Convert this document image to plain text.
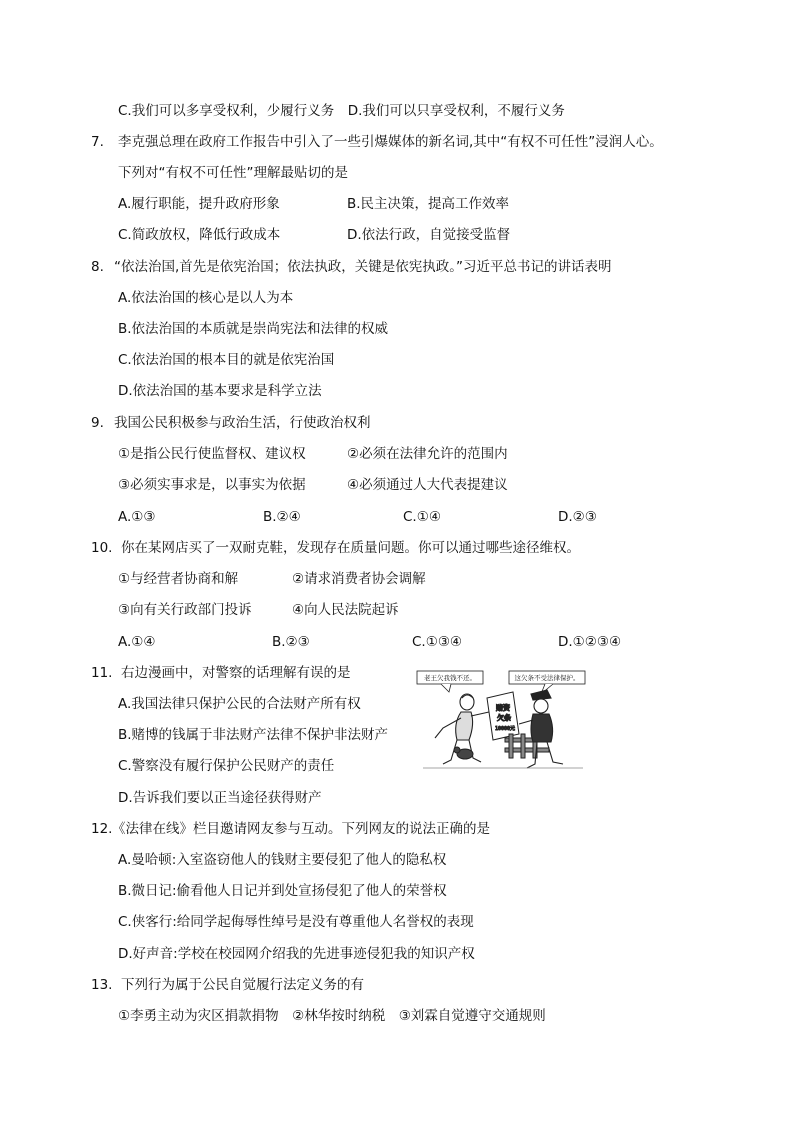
C.我们可以多享受权利，少履行义务　D.我们可以只享受权利，不履行义务
7. 李克强总理在政府工作报告中引入了一些引爆媒体的新名词,其中“有权不可任性”浸润人心。
下列对“有权不可任性”理解最贴切的是
A.履行职能，提升政府形象	B.民主决策，提高工作效率
C.简政放权，降低行政成本	D.依法行政，自觉接受监督
8. “依法治国,首先是依宪治国；依法执政，关键是依宪执政。”习近平总书记的讲话表明
A.依法治国的核心是以人为本
B.依法治国的本质就是崇尚宪法和法律的权威
C.依法治国的根本目的就是依宪治国
D.依法治国的基本要求是科学立法
9. 我国公民积极参与政治生活，行使政治权利
①是指公民行使监督权、建议权	②必须在法律允许的范围内
③必须实事求是，以事实为依据	④必须通过人大代表提建议
A.①③	B.②④	C.①④	D.②③
10. 你在某网店买了一双耐克鞋，发现存在质量问题。你可以通过哪些途径维权。
①与经营者协商和解	②请求消费者协会调解
③向有关行政部门投诉	④向人民法院起诉
A.①④	B.②③	C.①③④	D.①②③④
11. 右边漫画中，对警察的话理解有误的是
A.我国法律只保护公民的合法财产所有权
B.赌博的钱属于非法财产法律不保护非法财产
C.警察没有履行保护公民财产的责任
D.告诉我们要以正当途径获得财产
老王欠我钱不还。	这欠条不受法律保护。
赌资
欠条
10000元
12. 《法律在线》栏目邀请网友参与互动。下列网友的说法正确的是
A.曼哈顿:入室盗窃他人的钱财主要侵犯了他人的隐私权
B.微日记:偷看他人日记并到处宣扬侵犯了他人的荣誉权
C.侠客行:给同学起侮辱性绰号是没有尊重他人名誉权的表现
D.好声音:学校在校园网介绍我的先进事迹侵犯我的知识产权
13. 下列行为属于公民自觉履行法定义务的有
①李勇主动为灾区捐款捐物　②林华按时纳税　③刘霖自觉遵守交通规则
